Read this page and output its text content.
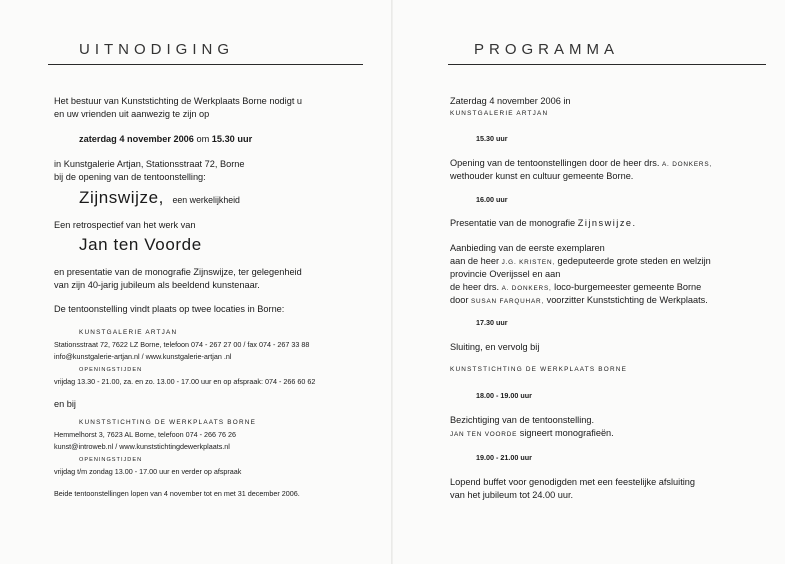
UITNODIGING
Het bestuur van Kunststichting de Werkplaats Borne nodigt u
en uw vrienden uit aanwezig te zijn op
zaterdag 4 november 2006 om 15.30 uur
in Kunstgalerie Artjan, Stationsstraat 72, Borne
bij de opening van de tentoonstelling:
Zijnswijze, een werkelijkheid
Een retrospectief van het werk van
Jan ten Voorde
en presentatie van de monografie Zijnswijze, ter gelegenheid
van zijn 40-jarig jubileum als beeldend kunstenaar.
De tentoonstelling vindt plaats op twee locaties in Borne:
KUNSTGALERIE ARTJAN
Stationsstraat 72, 7622 LZ Borne, telefoon 074 - 267 27 00 / fax 074 - 267 33 88
info@kunstgalerie-artjan.nl / www.kunstgalerie-artjan .nl
OPENINGSTIJDEN
vrijdag 13.30 - 21.00, za. en zo. 13.00 - 17.00 uur en op afspraak: 074 - 266 60 62
en bij
KUNSTSTICHTING DE WERKPLAATS BORNE
Hemmelhorst 3, 7623 AL Borne, telefoon 074 - 266 76 26
kunst@introweb.nl / www.kunststichtingdewerkplaats.nl
OPENINGSTIJDEN
vrijdag t/m zondag 13.00 - 17.00 uur en verder op afspraak
Beide tentoonstellingen lopen van 4 november tot en met 31 december 2006.
PROGRAMMA
Zaterdag 4 november 2006 in
KUNSTGALERIE ARTJAN
15.30 uur
Opening van de tentoonstellingen door de heer drs. A. DONKERS,
wethouder kunst en cultuur gemeente Borne.
16.00 uur
Presentatie van de monografie Zijnswijze.
Aanbieding van de eerste exemplaren
aan de heer J.G. KRISTEN, gedeputeerde grote steden en welzijn
provincie Overijssel en aan
de heer drs. A. DONKERS, loco-burgemeester gemeente Borne
door SUSAN FARQUHAR, voorzitter Kunststichting de Werkplaats.
17.30 uur
Sluiting, en vervolg bij
KUNSTSTICHTING DE WERKPLAATS BORNE
18.00 - 19.00 uur
Bezichtiging van de tentoonstelling.
JAN TEN VOORDE signeert monografieën.
19.00 - 21.00 uur
Lopend buffet voor genodigden met een feestelijke afsluiting
van het jubileum tot 24.00 uur.
